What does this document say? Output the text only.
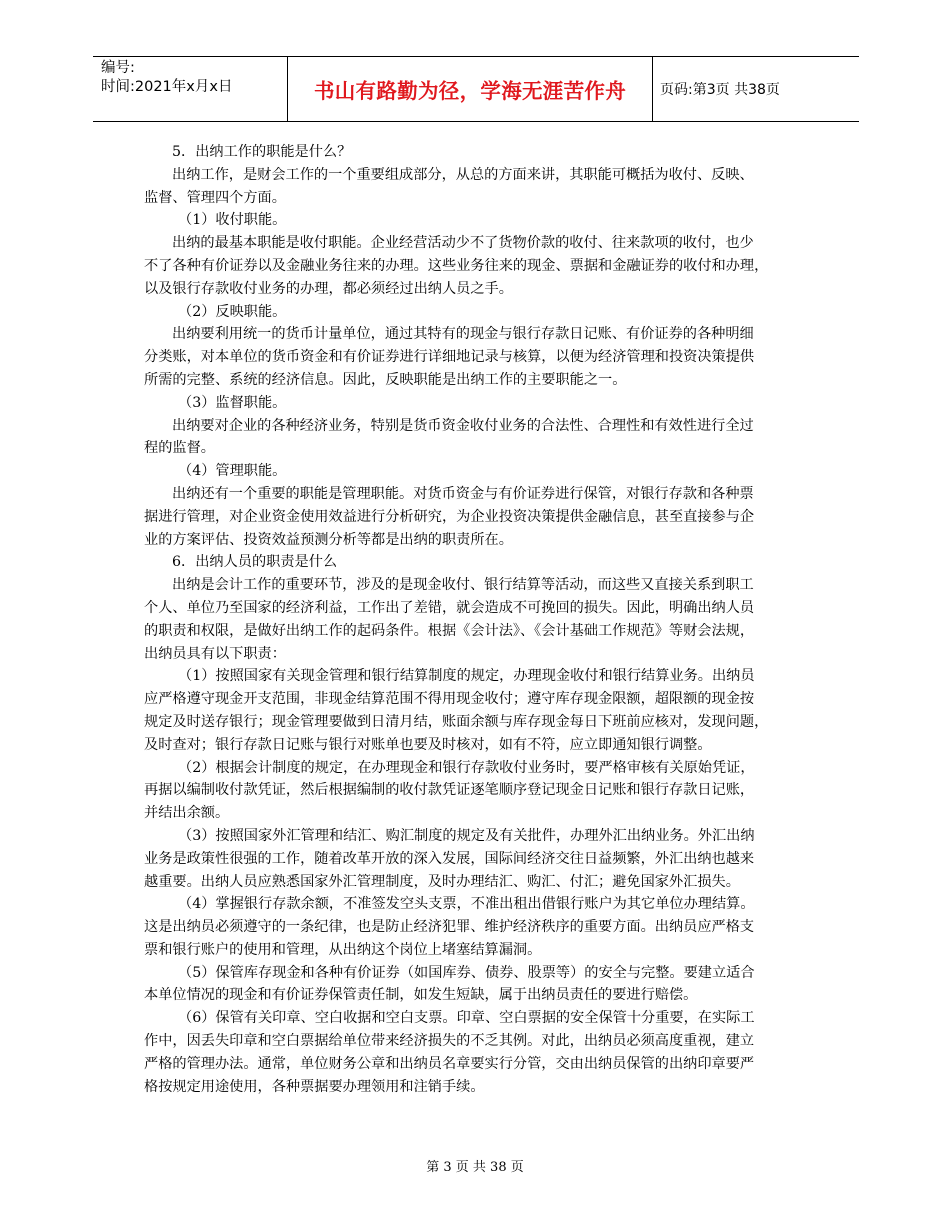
编号:
时间:2021年x月x日	书山有路勤为径，学海无涯苦作舟	页码:第3页 共38页

5．出纳工作的职能是什么？

出纳工作，是财会工作的一个重要组成部分，从总的方面来讲，其职能可概括为收付、反映、

监督、管理四个方面。

（1）收付职能。

出纳的最基本职能是收付职能。企业经营活动少不了货物价款的收付、往来款项的收付，也少

不了各种有价证券以及金融业务往来的办理。这些业务往来的现金、票据和金融证券的收付和办理，

以及银行存款收付业务的办理，都必须经过出纳人员之手。

（2）反映职能。

出纳要利用统一的货币计量单位，通过其特有的现金与银行存款日记账、有价证券的各种明细

分类账，对本单位的货币资金和有价证券进行详细地记录与核算，以便为经济管理和投资决策提供

所需的完整、系统的经济信息。因此，反映职能是出纳工作的主要职能之一。

（3）监督职能。

出纳要对企业的各种经济业务，特别是货币资金收付业务的合法性、合理性和有效性进行全过

程的监督。

（4）管理职能。

出纳还有一个重要的职能是管理职能。对货币资金与有价证券进行保管，对银行存款和各种票

据进行管理，对企业资金使用效益进行分析研究，为企业投资决策提供金融信息，甚至直接参与企

业的方案评估、投资效益预测分析等都是出纳的职责所在。

6．出纳人员的职责是什么

出纳是会计工作的重要环节，涉及的是现金收付、银行结算等活动，而这些又直接关系到职工

个人、单位乃至国家的经济利益，工作出了差错，就会造成不可挽回的损失。因此，明确出纳人员

的职责和权限，是做好出纳工作的起码条件。根据《会计法》、《会计基础工作规范》等财会法规，

出纳员具有以下职责：

（1）按照国家有关现金管理和银行结算制度的规定，办理现金收付和银行结算业务。出纳员

应严格遵守现金开支范围，非现金结算范围不得用现金收付；遵守库存现金限额，超限额的现金按

规定及时送存银行；现金管理要做到日清月结，账面余额与库存现金每日下班前应核对，发现问题，

及时查对；银行存款日记账与银行对账单也要及时核对，如有不符，应立即通知银行调整。

（2）根据会计制度的规定，在办理现金和银行存款收付业务时，要严格审核有关原始凭证，

再据以编制收付款凭证，然后根据编制的收付款凭证逐笔顺序登记现金日记账和银行存款日记账，

并结出余额。

（3）按照国家外汇管理和结汇、购汇制度的规定及有关批件，办理外汇出纳业务。外汇出纳

业务是政策性很强的工作，随着改革开放的深入发展，国际间经济交往日益频繁，外汇出纳也越来

越重要。出纳人员应熟悉国家外汇管理制度，及时办理结汇、购汇、付汇；避免国家外汇损失。

（4）掌握银行存款余额，不准签发空头支票，不准出租出借银行账户为其它单位办理结算。

这是出纳员必须遵守的一条纪律，也是防止经济犯罪、维护经济秩序的重要方面。出纳员应严格支

票和银行账户的使用和管理，从出纳这个岗位上堵塞结算漏洞。

（5）保管库存现金和各种有价证券（如国库券、债券、股票等）的安全与完整。要建立适合

本单位情况的现金和有价证券保管责任制，如发生短缺，属于出纳员责任的要进行赔偿。

（6）保管有关印章、空白收据和空白支票。印章、空白票据的安全保管十分重要，在实际工

作中，因丢失印章和空白票据给单位带来经济损失的不乏其例。对此，出纳员必须高度重视，建立

严格的管理办法。通常，单位财务公章和出纳员名章要实行分管，交由出纳员保管的出纳印章要严

格按规定用途使用，各种票据要办理领用和注销手续。

第 3 页 共 38 页
